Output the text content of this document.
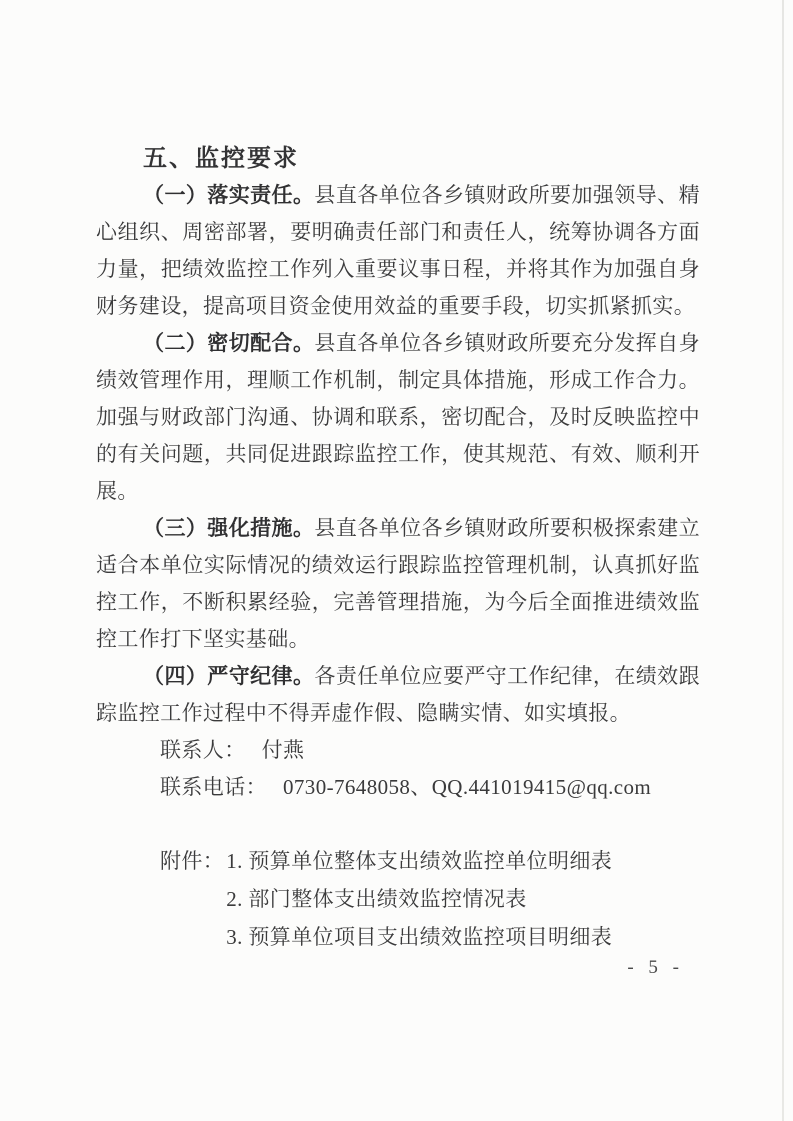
五、监控要求
（一）落实责任。县直各单位各乡镇财政所要加强领导、精
心组织、周密部署，要明确责任部门和责任人，统筹协调各方面
力量，把绩效监控工作列入重要议事日程，并将其作为加强自身
财务建设，提高项目资金使用效益的重要手段，切实抓紧抓实。
（二）密切配合。县直各单位各乡镇财政所要充分发挥自身
绩效管理作用，理顺工作机制，制定具体措施，形成工作合力。
加强与财政部门沟通、协调和联系，密切配合，及时反映监控中
的有关问题，共同促进跟踪监控工作，使其规范、有效、顺利开
展。
（三）强化措施。县直各单位各乡镇财政所要积极探索建立
适合本单位实际情况的绩效运行跟踪监控管理机制，认真抓好监
控工作，不断积累经验，完善管理措施，为今后全面推进绩效监
控工作打下坚实基础。
（四）严守纪律。各责任单位应要严守工作纪律，在绩效跟
踪监控工作过程中不得弄虚作假、隐瞒实情、如实填报。
联系人： 付燕
联系电话： 0730-7648058、QQ.441019415@qq.com
附件： 1. 预算单位整体支出绩效监控单位明细表
2. 部门整体支出绩效监控情况表
3. 预算单位项目支出绩效监控项目明细表
- 5 -
